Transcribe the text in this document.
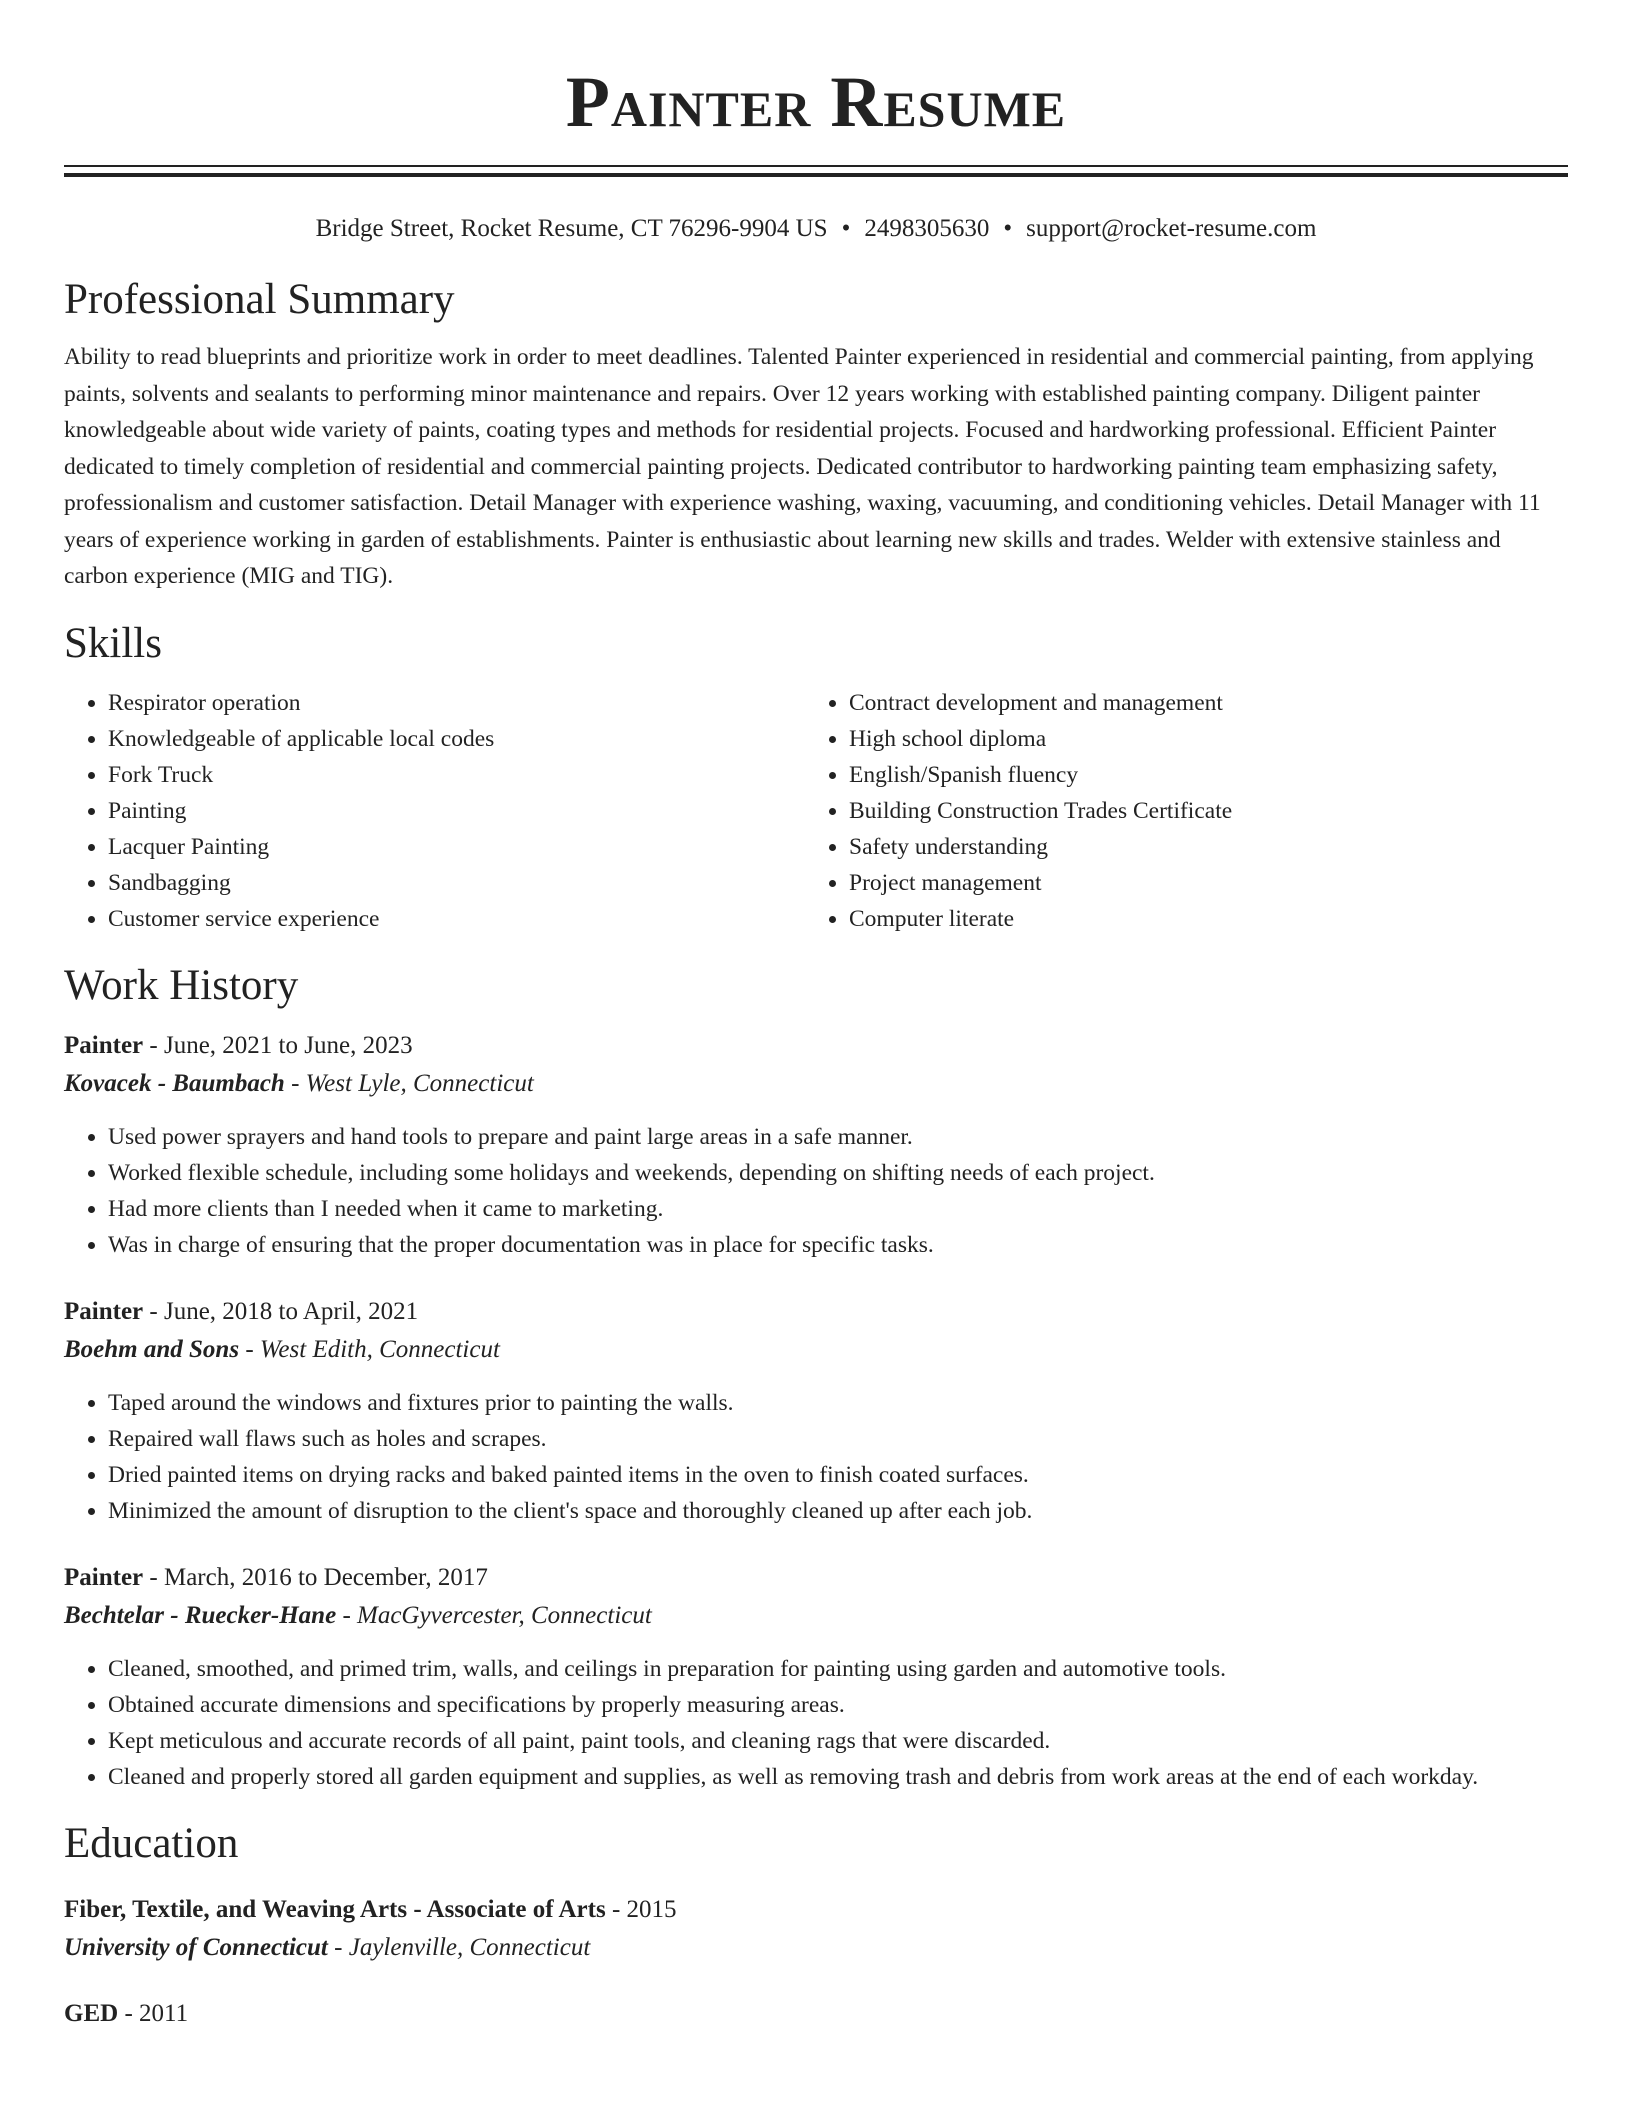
Painter Resume
Bridge Street, Rocket Resume, CT 76296-9904 US • 2498305630 • support@rocket-resume.com
Professional Summary

Ability to read blueprints and prioritize work in order to meet deadlines. Talented Painter experienced in residential and commercial painting, from applying paints, solvents and sealants to performing minor maintenance and repairs. Over 12 years working with established painting company. Diligent painter knowledgeable about wide variety of paints, coating types and methods for residential projects. Focused and hardworking professional. Efficient Painter dedicated to timely completion of residential and commercial painting projects. Dedicated contributor to hardworking painting team emphasizing safety, professionalism and customer satisfaction. Detail Manager with experience washing, waxing, vacuuming, and conditioning vehicles. Detail Manager with 11 years of experience working in garden of establishments. Painter is enthusiastic about learning new skills and trades. Welder with extensive stainless and carbon experience (MIG and TIG).

Skills
• Respirator operation
• Knowledgeable of applicable local codes
• Fork Truck
• Painting
• Lacquer Painting
• Sandbagging
• Customer service experience
• Contract development and management
• High school diploma
• English/Spanish fluency
• Building Construction Trades Certificate
• Safety understanding
• Project management
• Computer literate
Work History
Painter - June, 2021 to June, 2023
Kovacek - Baumbach - West Lyle, Connecticut
• Used power sprayers and hand tools to prepare and paint large areas in a safe manner.
• Worked flexible schedule, including some holidays and weekends, depending on shifting needs of each project.
• Had more clients than I needed when it came to marketing.
• Was in charge of ensuring that the proper documentation was in place for specific tasks.
Painter - June, 2018 to April, 2021
Boehm and Sons - West Edith, Connecticut
• Taped around the windows and fixtures prior to painting the walls.
• Repaired wall flaws such as holes and scrapes.
• Dried painted items on drying racks and baked painted items in the oven to finish coated surfaces.
• Minimized the amount of disruption to the client's space and thoroughly cleaned up after each job.
Painter - March, 2016 to December, 2017
Bechtelar - Ruecker-Hane - MacGyvercester, Connecticut
• Cleaned, smoothed, and primed trim, walls, and ceilings in preparation for painting using garden and automotive tools.
• Obtained accurate dimensions and specifications by properly measuring areas.
• Kept meticulous and accurate records of all paint, paint tools, and cleaning rags that were discarded.
• Cleaned and properly stored all garden equipment and supplies, as well as removing trash and debris from work areas at the end of each workday.
Education
Fiber, Textile, and Weaving Arts - Associate of Arts - 2015
University of Connecticut - Jaylenville, Connecticut
GED - 2011
